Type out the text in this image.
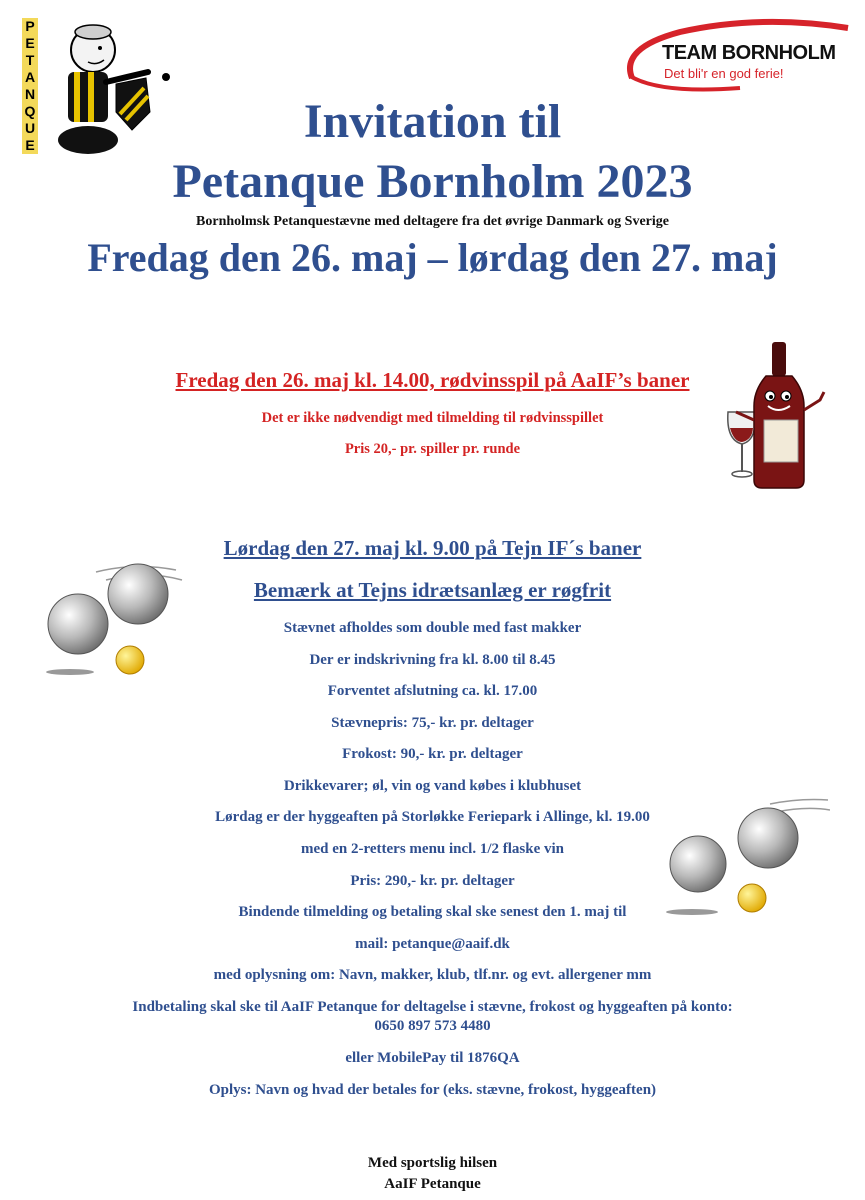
PETANQUE
TEAM BORNHOLM
Det bli'r en god ferie!
Invitation til
Petanque Bornholm 2023
Bornholmsk Petanquestævne med deltagere fra det øvrige Danmark og Sverige
Fredag den 26. maj – lørdag den 27. maj
Fredag den 26. maj kl. 14.00, rødvinsspil på AaIF’s baner
Det er ikke nødvendigt med tilmelding til rødvinsspillet
Pris 20,- pr. spiller pr. runde
Lørdag den 27. maj kl. 9.00 på Tejn IF´s baner
Bemærk at Tejns idrætsanlæg er røgfrit
Stævnet afholdes som double med fast makker
Der er indskrivning fra kl. 8.00 til 8.45
Forventet afslutning ca. kl. 17.00
Stævnepris: 75,- kr. pr. deltager
Frokost: 90,- kr. pr. deltager
Drikkevarer; øl, vin og vand købes i klubhuset
Lørdag er der hyggeaften på Storløkke Feriepark i Allinge, kl. 19.00
med en 2-retters menu incl. 1/2 flaske vin
Pris: 290,- kr. pr. deltager
Bindende tilmelding og betaling skal ske senest den 1. maj til
mail: petanque@aaif.dk
med oplysning om: Navn, makker, klub, tlf.nr. og evt. allergener mm
Indbetaling skal ske til AaIF Petanque for deltagelse i stævne, frokost og hyggeaften på konto:
0650 897 573 4480
eller MobilePay til 1876QA
Oplys: Navn og hvad der betales for (eks. stævne, frokost, hyggeaften)
Med sportslig hilsen
AaIF Petanque
